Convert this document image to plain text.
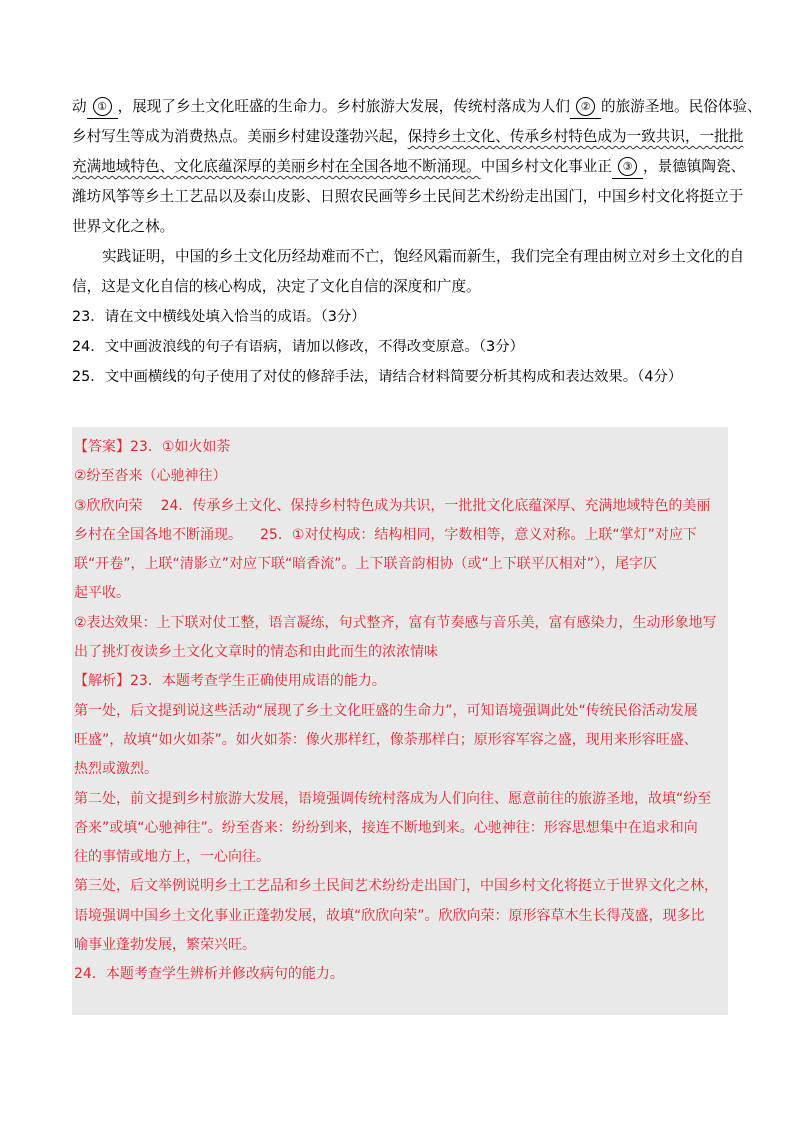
动 ① ，展现了乡土文化旺盛的生命力。乡村旅游大发展，传统村落成为人们 ② 的旅游圣地。民俗体验、
乡村写生等成为消费热点。美丽乡村建设蓬勃兴起，保持乡土文化、传承乡村特色成为一致共识，一批批
充满地域特色、文化底蕴深厚的美丽乡村在全国各地不断涌现。中国乡村文化事业正 ③ ，景德镇陶瓷、
潍坊风筝等乡土工艺品以及泰山皮影、日照农民画等乡土民间艺术纷纷走出国门，中国乡村文化将挺立于
世界文化之林。
实践证明，中国的乡土文化历经劫难而不亡，饱经风霜而新生，我们完全有理由树立对乡土文化的自
信，这是文化自信的核心构成，决定了文化自信的深度和广度。
23．请在文中横线处填入恰当的成语。（3分）
24．文中画波浪线的句子有语病，请加以修改，不得改变原意。（3分）
25．文中画横线的句子使用了对仗的修辞手法，请结合材料简要分析其构成和表达效果。（4分）
【答案】23．①如火如荼
②纷至沓来（心驰神往）
③欣欣向荣 24．传承乡土文化、保持乡村特色成为共识，一批批文化底蕴深厚、充满地域特色的美丽
乡村在全国各地不断涌现。 25．①对仗构成：结构相同，字数相等，意义对称。上联“掌灯”对应下
联“开卷”，上联“清影立”对应下联“暗香流”。上下联音韵相协（或“上下联平仄相对”），尾字仄
起平收。
②表达效果：上下联对仗工整，语言凝练，句式整齐，富有节奏感与音乐美，富有感染力，生动形象地写
出了挑灯夜读乡土文化文章时的情态和由此而生的浓浓情味
【解析】23．本题考查学生正确使用成语的能力。
第一处，后文提到说这些活动“展现了乡土文化旺盛的生命力”，可知语境强调此处“传统民俗活动发展
旺盛”，故填“如火如荼”。如火如荼：像火那样红，像荼那样白；原形容军容之盛，现用来形容旺盛、
热烈或激烈。
第二处，前文提到乡村旅游大发展，语境强调传统村落成为人们向往、愿意前往的旅游圣地，故填“纷至
沓来”或填“心驰神往”。纷至沓来：纷纷到来，接连不断地到来。心驰神往：形容思想集中在追求和向
往的事情或地方上，一心向往。
第三处，后文举例说明乡土工艺品和乡土民间艺术纷纷走出国门，中国乡村文化将挺立于世界文化之林，
语境强调中国乡土文化事业正蓬勃发展，故填“欣欣向荣”。欣欣向荣：原形容草木生长得茂盛，现多比
喻事业蓬勃发展，繁荣兴旺。
24．本题考查学生辨析并修改病句的能力。
